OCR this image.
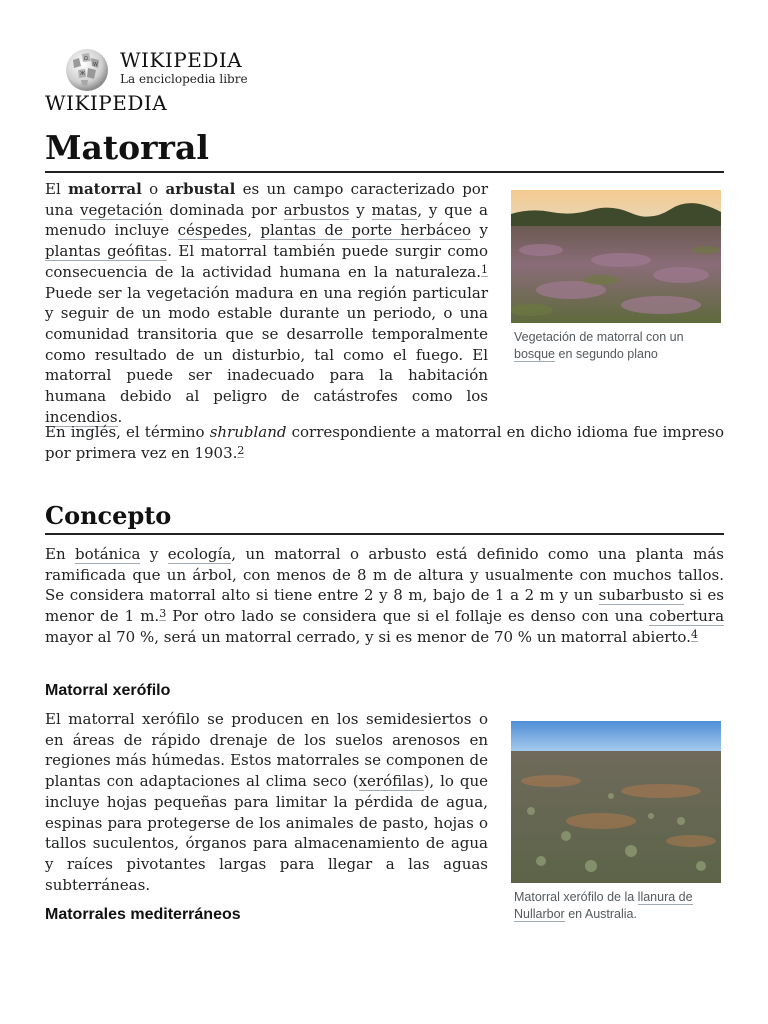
Ω
W
Ж
WIKIPEDIA
La enciclopedia libre
WIKIPEDIA
Matorral

El matorral o arbustal es un campo caracterizado por una vegetación dominada por arbustos y matas, y que a menudo incluye céspedes, plantas de porte herbáceo y plantas geófitas. El matorral también puede surgir como consecuencia de la actividad humana en la naturaleza.$^1$ Puede ser la vegetación madura en una región particular y seguir de un modo estable durante un periodo, o una comunidad transitoria que se desarrolle temporalmente como resultado de un disturbio, tal como el fuego. El matorral puede ser inadecuado para la habitación humana debido al peligro de catástrofes como los incendios.

Vegetación de matorral con un bosque en segundo plano

En inglés, el término shrubland correspondiente a matorral en dicho idioma fue impreso por primera vez en 1903.$^2$

Concepto

En botánica y ecología, un matorral o arbusto está definido como una planta más ramificada que un árbol, con menos de 8 m de altura y usualmente con muchos tallos. Se considera matorral alto si tiene entre 2 y 8 m, bajo de 1 a 2 m y un subarbusto si es menor de 1 m.$^3$ Por otro lado se considera que si el follaje es denso con una cobertura mayor al 70 %, será un matorral cerrado, y si es menor de 70 % un matorral abierto.$^4$

Matorral xerófilo

El matorral xerófilo se producen en los semidesiertos o en áreas de rápido drenaje de los suelos arenosos en regiones más húmedas. Estos matorrales se componen de plantas con adaptaciones al clima seco (xerófilas), lo que incluye hojas pequeñas para limitar la pérdida de agua, espinas para protegerse de los animales de pasto, hojas o tallos suculentos, órganos para almacenamiento de agua y raíces pivotantes largas para llegar a las aguas subterráneas.

Matorral xerófilo de la llanura de Nullarbor en Australia.
Matorrales mediterráneos
